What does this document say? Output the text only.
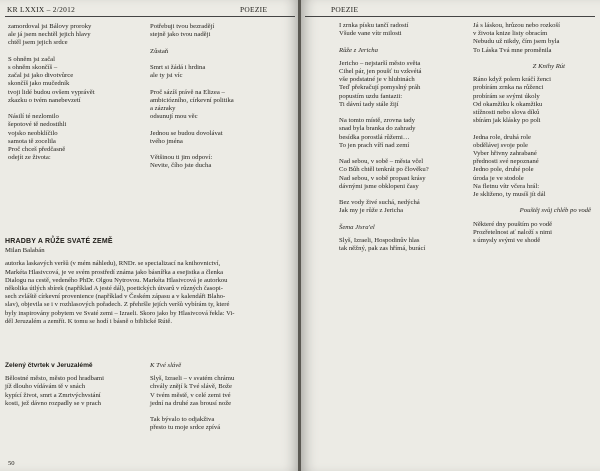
KR LXXIX – 2/2012	POEZIE
zamordoval jsi Bálovy proroky
ale já jsem nechtěl jejich hlavy
chtěl jsem jejich srdce
S ohněm jsi začal
s ohněm skončíš –
začal jsi jako divotvůrce
skončíš jako mučedník
tvoji lidé budou ovšem vyprávět
zkazku o tvém nanebevzetí
Násilí té nezlomilo
šepotové tě nedostihli
vojsko neobklíčilo
samota tě zocelila
Proč chceš předčasně
odejít ze života:
Potřebuji tvou bezradějí
stejně jako tvou naději
Zůstaň
Smrt si žádá i hrdina
ale ty jsi víc
Proč sázíš právě na Elizea –
ambiciózního, církevní politika
a zázraky
odsunují mou věc
Jednou se budou dovolávat
tvého jména
Většinou ti jim odpoví:
Nevite, čího jste ducha
HRADBY A RŮŽE SVATÉ ZEMĚ
Milan Balabán
autorka laskavých veršů (v mém náhledu), RNDr. se specializací na knihovnictví,
Markéta Hlasivcová, je ve svém prostředí známa jako básnířka a esejistka a členka
Dialogu na cestě, vedeného PhDr. Olgou Nytrovou. Markéta Hlasivcová je autorkou
několika útlých sbírek (například A jesté dál), poetických útvarů v různých časopi-
sech zvláště církevní provenience (například v Českém zápasu a v kalendáři Blaho-
slav), objevila se i v rozhlasových pořadech. Z přehršle jejích veršů vybírám ty, které
byly inspirovány pobytem ve Svaté zemi – Izraeli. Skoro jako by Hlasivcová řekla: Vi-
děl Jeruzalém a zemřít. K tomu se hodí i básně o biblické Rútě.
Zelený čtvrtek v Jeruzalémě
Bělostné město, město pod hradbami
jíž dlouho vídávám tě v snách
kypící život, smrt a Zmrtvýchvstání
kosti, jež dávno rozpadly se v prach
K Tvé slávě
Slyš, Izraeli – v svatém chrámu
chvály znějí k Tvé slávě, Bože
V tvém městě, v celé zemi tvé
jední na druhé zas brousí nože
Tak bývalo to odjakživa
přesto tu moje srdce zpívá
50
POEZIE
I zrnka písku tančí radostí
Všude vane vítr milosti
Růže z Jericha
Jericho – nejstarší město světa
Cihel pár, jen poušť tu vzkvétá
vše podstatné je v hlubinách
Teď překračují pomyslný práh
popustím uzdu fantazii:
Ti dávní tady stále žijí
Na tomto místě, zrovna tady
snad byla branka do zahrady
besídka porostlá růžemi…
To jen prach víří nad zemí
Nad sebou, v sobě – města včel
Co Bůh chtěl tenkrát po člověku?
Nad sebou, v sobě propast krásy
dávnými jsme obklopeni časy
Bez vody živé suchá, nedýchá
Jak my je růže z Jericha
Šema Jisra'el
Slyš, Izraeli, Hospodinův hlas
tak něžný, pak zas hřímá, burácí
Já s láskou, hrůzou nebo rozkoší
v života knize listy obracím
Nebudu už nikdy, čím jsem byla
To Láska Tvá mne proměnila
Z Knihy Rút
Ráno když polem kráčí ženci
probírám zrnka na růženci
probírám se svými úkoly
Od okamžiku k okamžiku
stížnosti nebo slova díků
sbírám jak klásky po poli
Jedna role, druhá role
obdělávej svoje pole
Vyber hřivny zahrabané
přednosti své nepoznané
Jedno pole, druhé pole
úroda je ve stodole
Na fletnu vítr včera hrál:
Je skliženo, ty musíš jít dál
Pouštěj svůj chléb po vodě
Některé dny pouštím po vodě
Prozřetelnost ať naloží s nimi
s úmysly svými ve shodě
